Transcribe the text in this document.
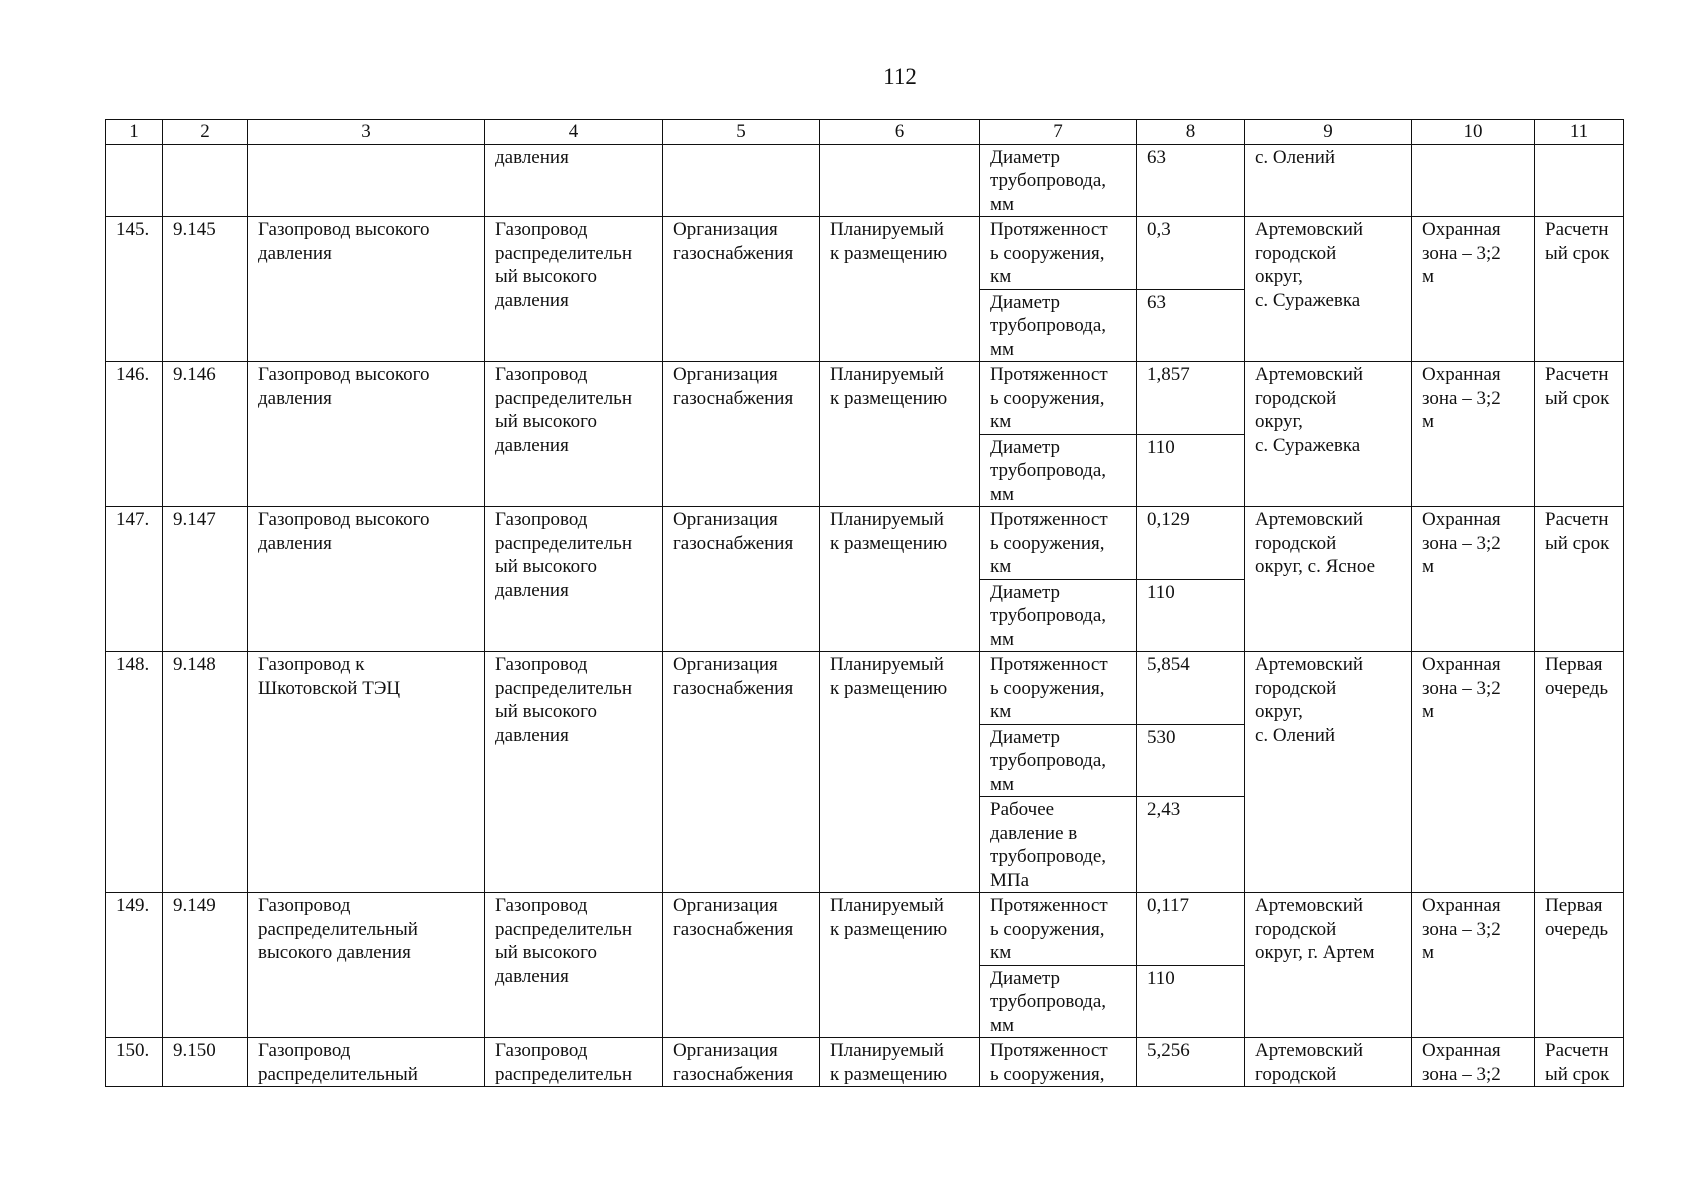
112
1	2	3	4	5	6	7	8	9	10	11
			давления			Диаметр
трубопровода,
мм	63	с. Олений		
145.	9.145	Газопровод высокого
давления	Газопровод
распределительн
ый высокого
давления	Организация
газоснабжения	Планируемый
к размещению	Протяженност
ь сооружения,
км	0,3	Артемовский
городской
округ,
с. Суражевка	Охранная
зона – 3;2
м	Расчетн
ый срок
						Диаметр
трубопровода,
мм	63			
146.	9.146	Газопровод высокого
давления	Газопровод
распределительн
ый высокого
давления	Организация
газоснабжения	Планируемый
к размещению	Протяженност
ь сооружения,
км	1,857	Артемовский
городской
округ,
с. Суражевка	Охранная
зона – 3;2
м	Расчетн
ый срок
						Диаметр
трубопровода,
мм	110			
147.	9.147	Газопровод высокого
давления	Газопровод
распределительн
ый высокого
давления	Организация
газоснабжения	Планируемый
к размещению	Протяженност
ь сооружения,
км	0,129	Артемовский
городской
округ, с. Ясное	Охранная
зона – 3;2
м	Расчетн
ый срок
						Диаметр
трубопровода,
мм	110			
148.	9.148	Газопровод к
Шкотовской ТЭЦ	Газопровод
распределительн
ый высокого
давления	Организация
газоснабжения	Планируемый
к размещению	Протяженност
ь сооружения,
км	5,854	Артемовский
городской
округ,
с. Олений	Охранная
зона – 3;2
м	Первая
очередь
						Диаметр
трубопровода,
мм	530			
						Рабочее
давление в
трубопроводе,
МПа	2,43			
149.	9.149	Газопровод
распределительный
высокого давления	Газопровод
распределительн
ый высокого
давления	Организация
газоснабжения	Планируемый
к размещению	Протяженност
ь сооружения,
км	0,117	Артемовский
городской
округ, г. Артем	Охранная
зона – 3;2
м	Первая
очередь
						Диаметр
трубопровода,
мм	110			
150.	9.150	Газопровод
распределительный	Газопровод
распределительн	Организация
газоснабжения	Планируемый
к размещению	Протяженност
ь сооружения,	5,256	Артемовский
городской	Охранная
зона – 3;2	Расчетн
ый срок
